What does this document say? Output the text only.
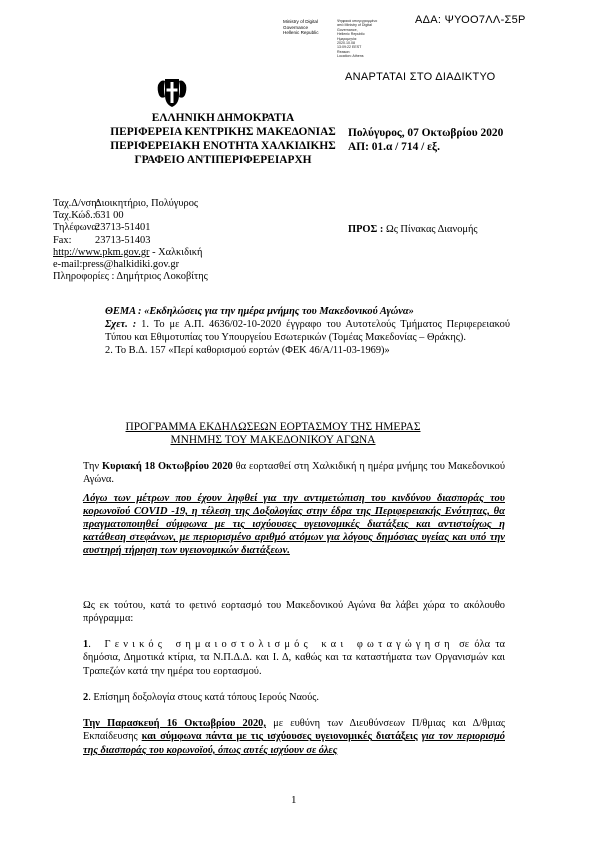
ΑΔΑ: ΨΥΟΟ7ΛΛ-Σ5Ρ
Ministry of Digital
Governance
Hellenic Republic
Ψηφιακά υπογεγραμμένο
από Ministry of Digital
Governance,
Hellenic Republic
Ημερομηνία:
2020.10.08
13:09:22 EEST
Reason:
Location: Athens
ΑΝΑΡΤΑΤΑΙ ΣΤΟ ΔΙΑΔΙΚΤΥΟ
ΕΛΛΗΝΙΚΗ ΔΗΜΟΚΡΑΤΙΑ
ΠΕΡΙΦΕΡΕΙΑ ΚΕΝΤΡΙΚΗΣ ΜΑΚΕΔΟΝΙΑΣ
ΠΕΡΙΦΕΡΕΙΑΚΗ ΕΝΟΤΗΤΑ ΧΑΛΚΙΔΙΚΗΣ
ΓΡΑΦΕΙΟ ΑΝΤΙΠΕΡΙΦΕΡΕΙΑΡΧΗ
Πολύγυρος, 07 Οκτωβρίου 2020
ΑΠ: 01.α / 714 / εξ.
Ταχ.Δ/νση:
Διοικητήριο, Πολύγυρος
Ταχ.Κώδ.: 631 00
Τηλέφωνα:
23713-51401
Fax: 23713-51403
http://www.pkm.gov.gr - Χαλκιδική
e-mail:press@halkidiki.gov.gr
Πληροφορίες : Δημήτριος Λοκοβίτης
ΠΡΟΣ : Ως Πίνακας Διανομής
ΘΕΜΑ : «Εκδηλώσεις για την ημέρα μνήμης του Μακεδονικού Αγώνα»
Σχετ. : 1. Το με Α.Π. 4636/02-10-2020 έγγραφο του Αυτοτελούς Τμήματος Περιφερειακού Τύπου και Εθιμοτυπίας του Υπουργείου Εσωτερικών (Τομέας Μακεδονίας – Θράκης).
2. Το Β.Δ. 157 «Περί καθορισμού εορτών (ΦΕΚ 46/Α/11-03-1969)»
ΠΡΟΓΡΑΜΜΑ ΕΚΔΗΛΩΣΕΩΝ ΕΟΡΤΑΣΜΟΥ ΤΗΣ ΗΜΕΡΑΣ
ΜΝΗΜΗΣ ΤΟΥ ΜΑΚΕΔΟΝΙΚΟΥ ΑΓΩΝΑ
Την Κυριακή 18 Οκτωβρίου 2020 θα εορτασθεί στη Χαλκιδική η ημέρα μνήμης του Μακεδονικού Αγώνα.
Λόγω των μέτρων που έχουν ληφθεί για την αντιμετώπιση του κινδύνου διασποράς του κορωνοϊού COVID -19, η τέλεση της Δοξολογίας στην έδρα της Περιφερειακής Ενότητας, θα πραγματοποιηθεί σύμφωνα με τις ισχύουσες υγειονομικές διατάξεις και αντιστοίχως η κατάθεση στεφάνων, με περιορισμένο αριθμό ατόμων για λόγους δημόσιας υγείας και υπό την αυστηρή τήρηση των υγειονομικών διατάξεων.
Ως εκ τούτου, κατά το φετινό εορτασμό του Μακεδονικού Αγώνα θα λάβει χώρα το ακόλουθο πρόγραμμα:
1. Γενικός σημαιοστολισμός και φωταγώγηση σε όλα τα δημόσια, Δημοτικά κτίρια, τα Ν.Π.Δ.Δ. και Ι. Δ, καθώς και τα καταστήματα των Οργανισμών και Τραπεζών κατά την ημέρα του εορτασμού.
2. Επίσημη δοξολογία στους κατά τόπους Ιερούς Ναούς.
Την Παρασκευή 16 Οκτωβρίου 2020, με ευθύνη των Διευθύνσεων Π/θμιας και Δ/θμιας Εκπαίδευσης και σύμφωνα πάντα με τις ισχύουσες υγειονομικές διατάξεις για τον περιορισμό της διασποράς του κορωνοϊού, όπως αυτές ισχύουν σε όλες
1
